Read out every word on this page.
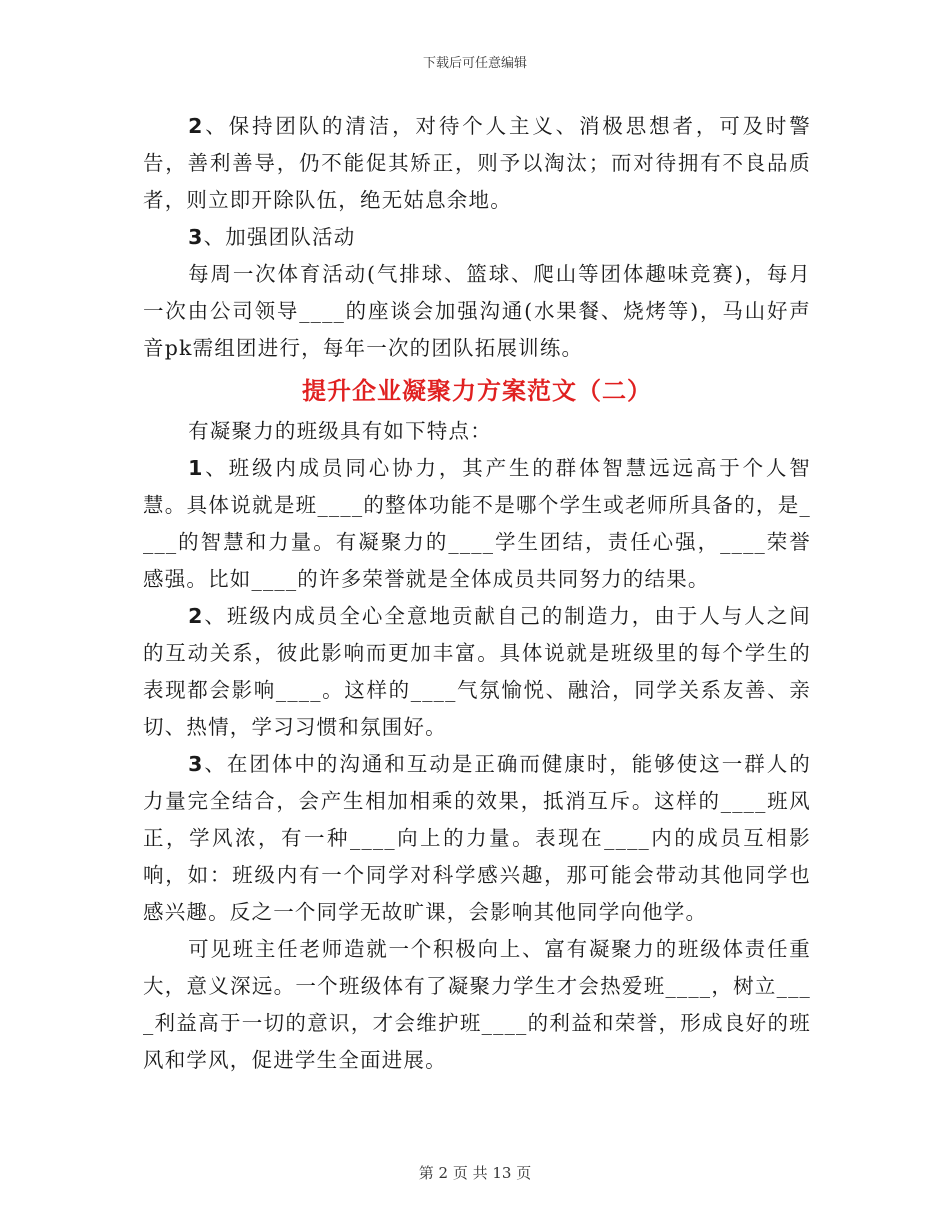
下载后可任意编辑

2、保持团队的清洁，对待个人主义、消极思想者，可及时警告，善利善导，仍不能促其矫正，则予以淘汰；而对待拥有不良品质者，则立即开除队伍，绝无姑息余地。

3、加强团队活动

每周一次体育活动(气排球、篮球、爬山等团体趣味竞赛)，每月一次由公司领导____的座谈会加强沟通(水果餐、烧烤等)，马山好声音pk需组团进行，每年一次的团队拓展训练。

提升企业凝聚力方案范文（二）

有凝聚力的班级具有如下特点：

1、班级内成员同心协力，其产生的群体智慧远远高于个人智慧。具体说就是班____的整体功能不是哪个学生或老师所具备的，是____的智慧和力量。有凝聚力的____学生团结，责任心强，____荣誉感强。比如____的许多荣誉就是全体成员共同努力的结果。

2、班级内成员全心全意地贡献自己的制造力，由于人与人之间的互动关系，彼此影响而更加丰富。具体说就是班级里的每个学生的表现都会影响____。这样的____气氛愉悦、融洽，同学关系友善、亲切、热情，学习习惯和氛围好。

3、在团体中的沟通和互动是正确而健康时，能够使这一群人的力量完全结合，会产生相加相乘的效果，抵消互斥。这样的____班风正，学风浓，有一种____向上的力量。表现在____内的成员互相影响，如：班级内有一个同学对科学感兴趣，那可能会带动其他同学也感兴趣。反之一个同学无故旷课，会影响其他同学向他学。

可见班主任老师造就一个积极向上、富有凝聚力的班级体责任重大，意义深远。一个班级体有了凝聚力学生才会热爱班____，树立____利益高于一切的意识，才会维护班____的利益和荣誉，形成良好的班风和学风，促进学生全面进展。

第 2 页 共 13 页
